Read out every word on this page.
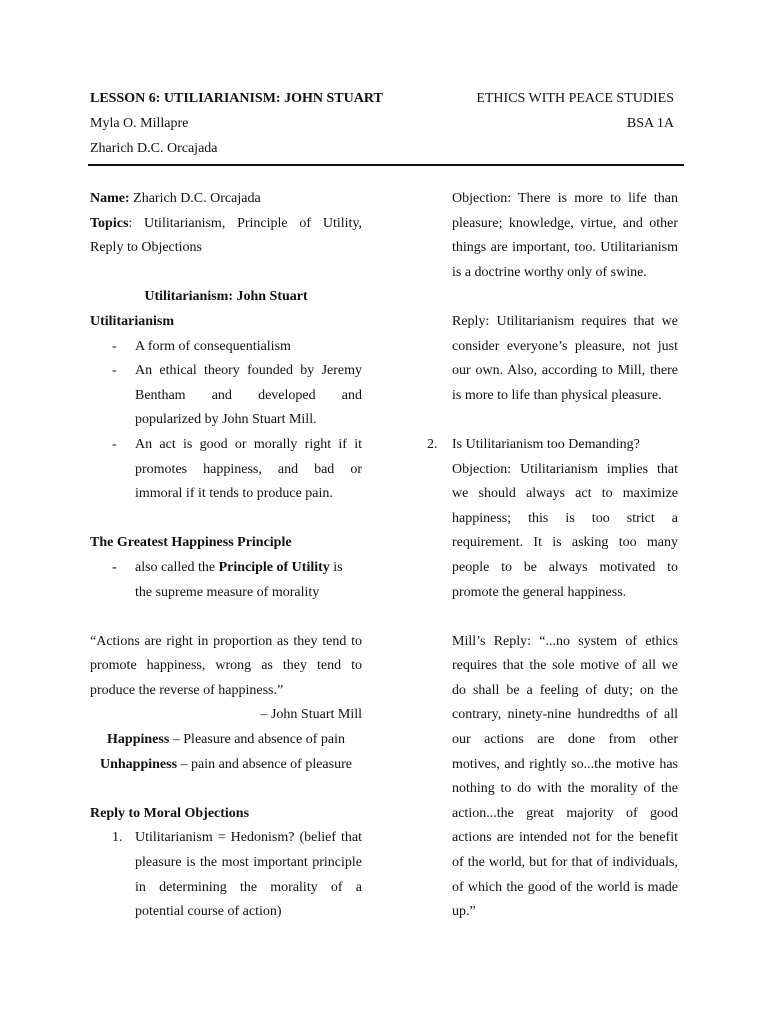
LESSON 6: UTILIARIANISM: JOHN STUART	ETHICS WITH PEACE STUDIES
Myla O. Millapre	BSA 1A
Zharich D.C. Orcajada

Name: Zharich D.C. Orcajada

Topics: Utilitarianism, Principle of Utility, Reply to Objections

Utilitarianism: John Stuart

Utilitarianism

- A form of consequentialism
- An ethical theory founded by Jeremy Bentham and developed and popularized by John Stuart Mill.
- An act is good or morally right if it promotes happiness, and bad or immoral if it tends to produce pain.

The Greatest Happiness Principle

- also called the Principle of Utility is the supreme measure of morality

“Actions are right in proportion as they tend to promote happiness, wrong as they tend to produce the reverse of happiness.”

– John Stuart Mill

Happiness – Pleasure and absence of pain

Unhappiness – pain and absence of pleasure

Reply to Moral Objections

1. Utilitarianism = Hedonism? (belief that pleasure is the most important principle in determining the morality of a potential course of action)

Objection: There is more to life than pleasure; knowledge, virtue, and other things are important, too. Utilitarianism is a doctrine worthy only of swine.

Reply: Utilitarianism requires that we consider everyone’s pleasure, not just our own. Also, according to Mill, there is more to life than physical pleasure.

2. Is Utilitarianism too Demanding?

Objection: Utilitarianism implies that we should always act to maximize happiness; this is too strict a requirement. It is asking too many people to be always motivated to promote the general happiness.

Mill’s Reply: “...no system of ethics requires that the sole motive of all we do shall be a feeling of duty; on the contrary, ninety-nine hundredths of all our actions are done from other motives, and rightly so...the motive has nothing to do with the morality of the action...the great majority of good actions are intended not for the benefit of the world, but for that of individuals, of which the good of the world is made up.”
